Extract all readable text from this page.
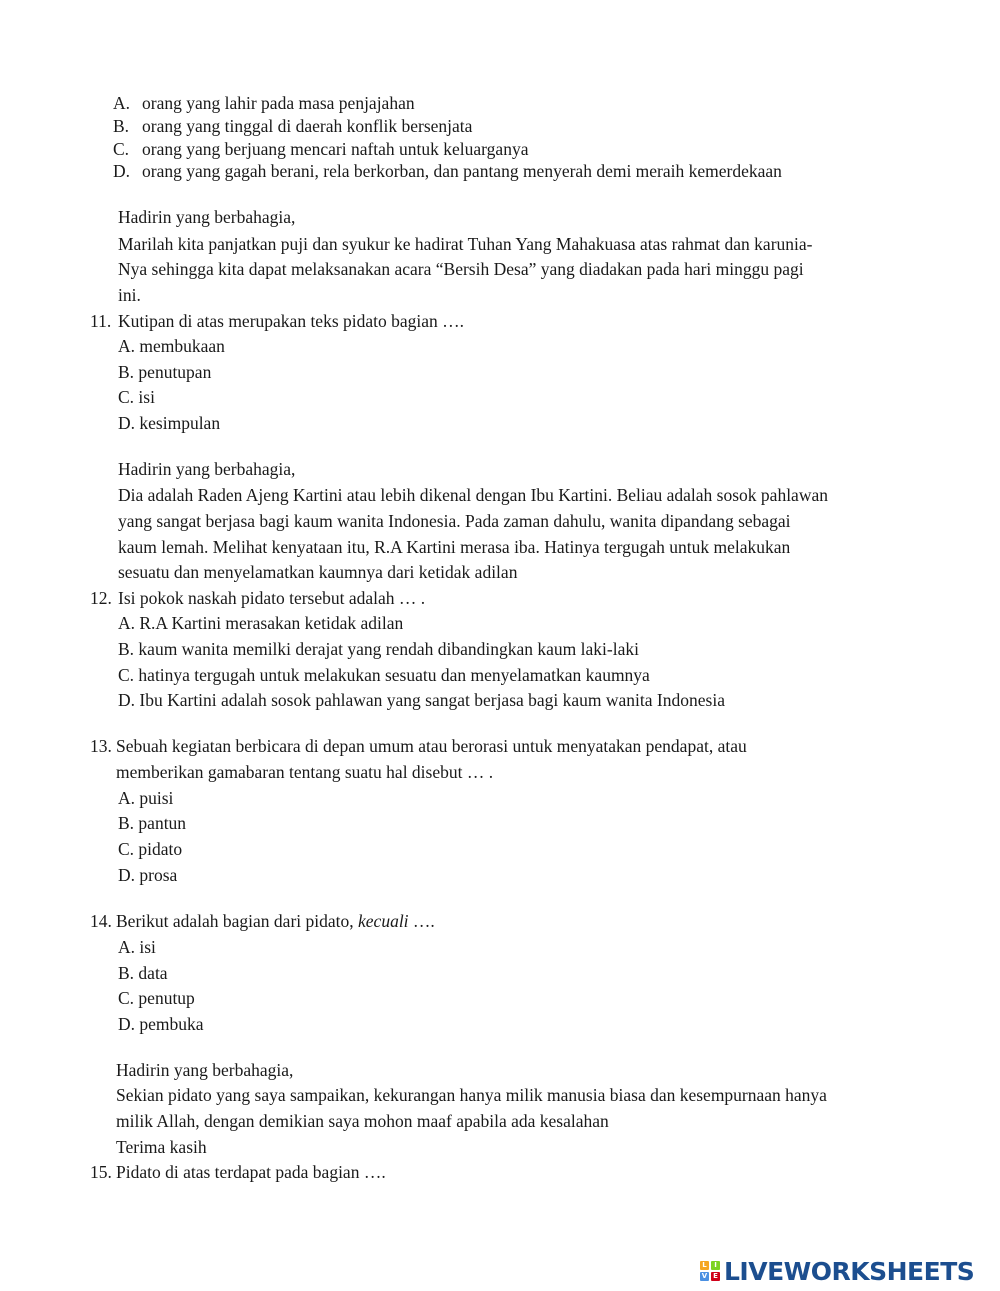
A. orang yang lahir pada masa penjajahan
B. orang yang tinggal di daerah konflik bersenjata
C. orang yang berjuang mencari naftah untuk keluarganya
D. orang yang gagah berani, rela berkorban, dan pantang menyerah demi meraih kemerdekaan
Hadirin yang berbahagia,
Marilah kita panjatkan puji dan syukur ke hadirat Tuhan Yang Mahakuasa atas rahmat dan karunia-
Nya sehingga kita dapat melaksanakan acara “Bersih Desa” yang diadakan pada hari minggu pagi
ini.
11. Kutipan di atas merupakan teks pidato bagian ….
A. membukaan
B. penutupan
C. isi
D. kesimpulan
Hadirin yang berbahagia,
Dia adalah Raden Ajeng Kartini atau lebih dikenal dengan Ibu Kartini. Beliau adalah sosok pahlawan
yang sangat berjasa bagi kaum wanita Indonesia. Pada zaman dahulu, wanita dipandang sebagai
kaum lemah. Melihat kenyataan itu, R.A Kartini merasa iba. Hatinya tergugah untuk melakukan
sesuatu dan menyelamatkan kaumnya dari ketidak adilan
12. Isi pokok naskah pidato tersebut adalah … .
A. R.A Kartini merasakan ketidak adilan
B. kaum wanita memilki derajat yang rendah dibandingkan kaum laki-laki
C. hatinya tergugah untuk melakukan sesuatu dan menyelamatkan kaumnya
D. Ibu Kartini adalah sosok pahlawan yang sangat berjasa bagi kaum wanita Indonesia
13. Sebuah kegiatan berbicara di depan umum atau berorasi untuk menyatakan pendapat, atau
memberikan gamabaran tentang suatu hal disebut … .
A. puisi
B. pantun
C. pidato
D. prosa
14. Berikut adalah bagian dari pidato, kecuali ….
A. isi
B. data
C. penutup
D. pembuka
Hadirin yang berbahagia,
Sekian pidato yang saya sampaikan, kekurangan hanya milik manusia biasa dan kesempurnaan hanya
milik Allah, dengan demikian saya mohon maaf apabila ada kesalahan
Terima kasih
15. Pidato di atas terdapat pada bagian ….
L	I
V E LIVEWORKSHEETS
